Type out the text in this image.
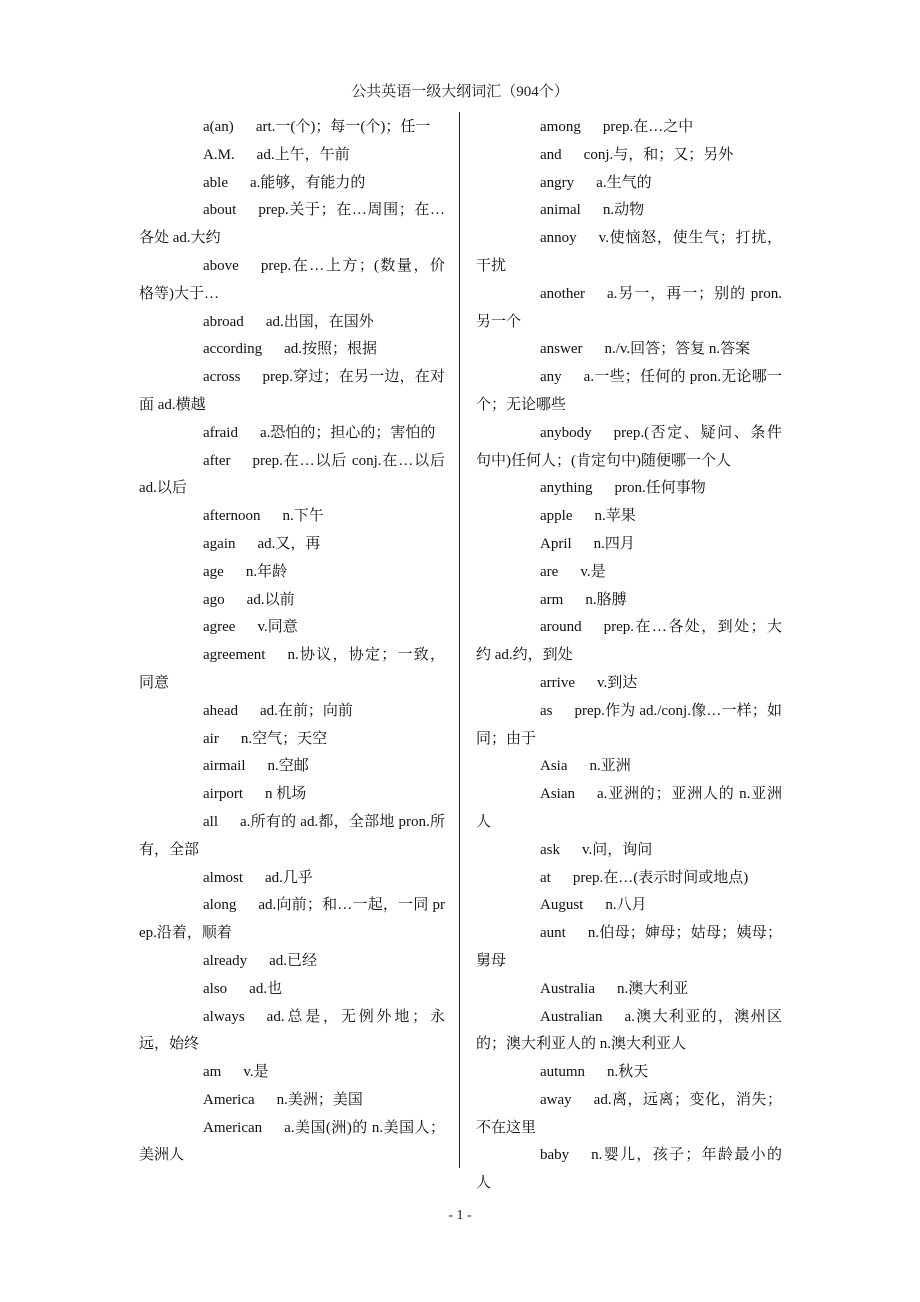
公共英语一级大纲词汇（904个）

a(an) art.一(个)；每一(个)；任一

A.M. ad.上午，午前

able a.能够，有能力的

about prep.关于；在…周围；在…各处 ad.大约

above prep.在…上方；(数量，价格等)大于…

abroad ad.出国，在国外

according ad.按照；根据

across prep.穿过；在另一边，在对面 ad.横越

afraid a.恐怕的；担心的；害怕的

after prep.在…以后 conj.在…以后 ad.以后

afternoon n.下午

again ad.又，再

age n.年龄

ago ad.以前

agree v.同意

agreement n.协议，协定；一致，同意

ahead ad.在前；向前

air n.空气；天空

airmail n.空邮

airport n 机场

all a.所有的 ad.都，全部地 pron.所有，全部

almost ad.几乎

along ad.向前；和…一起，一同 prep.沿着，顺着

already ad.已经

also ad.也

always ad.总是，无例外地；永远，始终

am v.是

America n.美洲；美国

American a.美国(洲)的 n.美国人；美洲人

among prep.在…之中

and conj.与，和；又；另外

angry a.生气的

animal n.动物

annoy v.使恼怒，使生气；打扰，干扰

another a.另一，再一；别的 pron.另一个

answer n./v.回答；答复 n.答案

any a.一些；任何的 pron.无论哪一个；无论哪些

anybody prep.(否定、疑问、条件句中)任何人；(肯定句中)随便哪一个人

anything pron.任何事物

apple n.苹果

April n.四月

are v.是

arm n.胳膊

around prep.在…各处，到处；大约 ad.约，到处

arrive v.到达

as prep.作为 ad./conj.像…一样；如同；由于

Asia n.亚洲

Asian a.亚洲的；亚洲人的 n.亚洲人

ask v.问，询问

at prep.在…(表示时间或地点)

August n.八月

aunt n.伯母；婶母；姑母；姨母；舅母

Australia n.澳大利亚

Australian a.澳大利亚的，澳州区的；澳大利亚人的 n.澳大利亚人

autumn n.秋天

away ad.离，远离；变化，消失；不在这里

baby n.婴儿，孩子；年龄最小的人

- 1 -
